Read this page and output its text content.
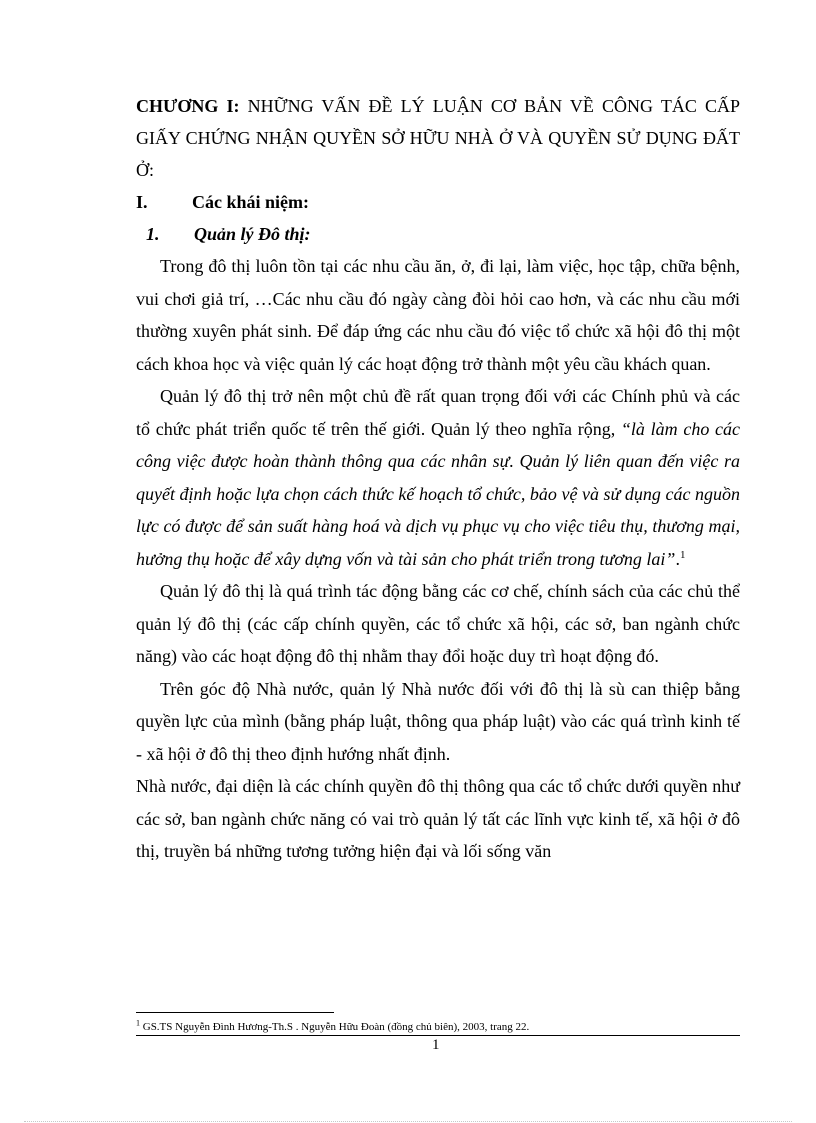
CHƯƠNG I: NHỮNG VẤN ĐỀ LÝ LUẬN CƠ BẢN VỀ CÔNG TÁC CẤP GIẤY CHỨNG NHẬN QUYỀN SỞ HỮU NHÀ Ở VÀ QUYỀN SỬ DỤNG ĐẤT Ở:

I.	Các khái niệm:
1.	Quản lý Đô thị:

Trong đô thị luôn tồn tại các nhu cầu ăn, ở, đi lại, làm việc, học tập, chữa bệnh, vui chơi giả trí, …Các nhu cầu đó ngày càng đòi hỏi cao hơn, và các nhu cầu mới thường xuyên phát sinh. Để đáp ứng các nhu cầu đó việc tổ chức xã hội đô thị một cách khoa học và việc quản lý các hoạt động trở thành một yêu cầu khách quan.

Quản lý đô thị trở nên một chủ đề rất quan trọng đối với các Chính phủ và các tổ chức phát triển quốc tế trên thế giới. Quản lý theo nghĩa rộng, “là làm cho các công việc được hoàn thành thông qua các nhân sự. Quản lý liên quan đến việc ra quyết định hoặc lựa chọn cách thức kế hoạch tổ chức, bảo vệ và sử dụng các nguồn lực có được để sản suất hàng hoá và dịch vụ phục vụ cho việc tiêu thụ, thương mại, hưởng thụ hoặc để xây dựng vốn và tài sản cho phát triển trong tương lai”.$^1$

Quản lý đô thị là quá trình tác động bằng các cơ chế, chính sách của các chủ thể quản lý đô thị (các cấp chính quyền, các tổ chức xã hội, các sở, ban ngành chức năng) vào các hoạt động đô thị nhằm thay đổi hoặc duy trì hoạt động đó.

Trên góc độ Nhà nước, quản lý Nhà nước đối với đô thị là sù can thiệp bằng quyền lực của mình (bằng pháp luật, thông qua pháp luật) vào các quá trình kinh tế - xã hội ở đô thị theo định hướng nhất định.

Nhà nước, đại diện là các chính quyền đô thị thông qua các tổ chức dưới quyền như các sở, ban ngành chức năng có vai trò quản lý tất các lĩnh vực kinh tế, xã hội ở đô thị, truyền bá những tương tưởng hiện đại và lối sống văn

$^1$ GS.TS Nguyễn Đình Hương-Th.S . Nguyễn Hữu Đoàn (đồng chủ biên), 2003, trang 22.
1
